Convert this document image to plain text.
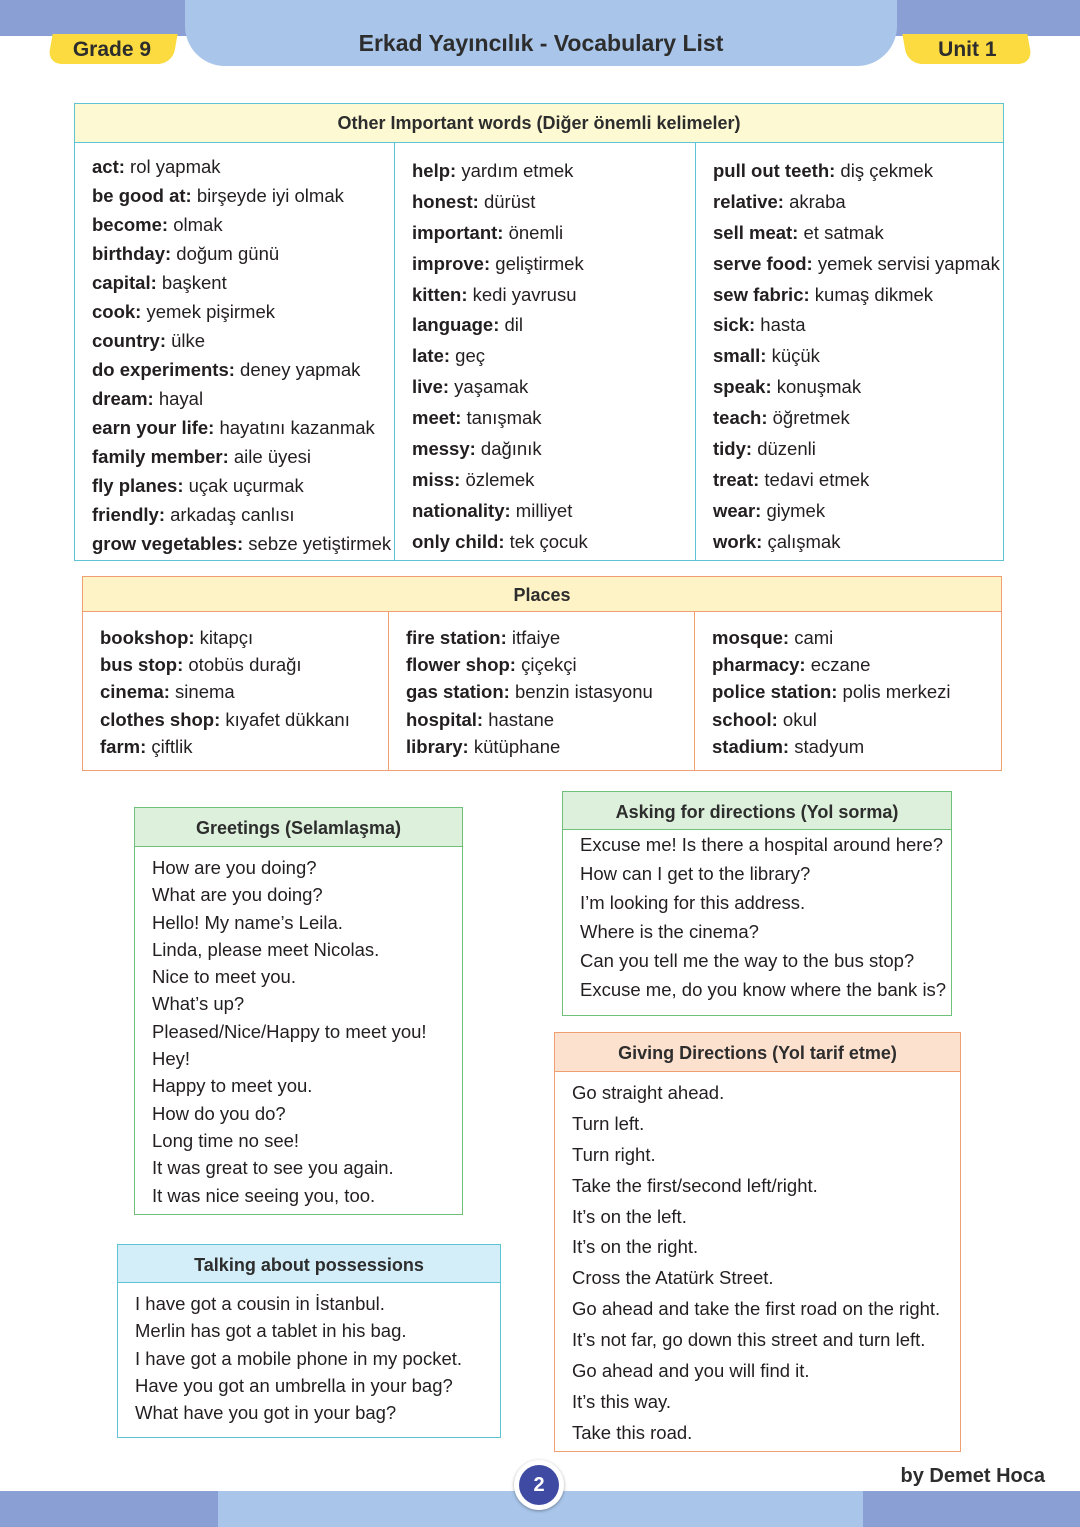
Erkad Yayıncılık - Vocabulary List
Grade 9	Unit 1
Other Important words (Diğer önemli kelimeler)
act: rol yapmak
be good at: birşeyde iyi olmak
become: olmak
birthday: doğum günü
capital: başkent
cook: yemek pişirmek
country: ülke
do experiments: deney yapmak
dream: hayal
earn your life: hayatını kazanmak
family member: aile üyesi
fly planes: uçak uçurmak
friendly: arkadaş canlısı
grow vegetables: sebze yetiştirmek
help: yardım etmek
honest: dürüst
important: önemli
improve: geliştirmek
kitten: kedi yavrusu
language: dil
late: geç
live: yaşamak
meet: tanışmak
messy: dağınık
miss: özlemek
nationality: milliyet
only child: tek çocuk
pull out teeth: diş çekmek
relative: akraba
sell meat: et satmak
serve food: yemek servisi yapmak
sew fabric: kumaş dikmek
sick: hasta
small: küçük
speak: konuşmak
teach: öğretmek
tidy: düzenli
treat: tedavi etmek
wear: giymek
work: çalışmak
Places
bookshop: kitapçı
bus stop: otobüs durağı
cinema: sinema
clothes shop: kıyafet dükkanı
farm: çiftlik
fire station: itfaiye
flower shop: çiçekçi
gas station: benzin istasyonu
hospital: hastane
library: kütüphane
mosque: cami
pharmacy: eczane
police station: polis merkezi
school: okul
stadium: stadyum
Greetings (Selamlaşma)
How are you doing?
What are you doing?
Hello! My name’s Leila.
Linda, please meet Nicolas.
Nice to meet you.
What’s up?
Pleased/Nice/Happy to meet you!
Hey!
Happy to meet you.
How do you do?
Long time no see!
It was great to see you again.
It was nice seeing you, too.
Asking for directions (Yol sorma)
Excuse me! Is there a hospital around here?
How can I get to the library?
I’m looking for this address.
Where is the cinema?
Can you tell me the way to the bus stop?
Excuse me, do you know where the bank is?
Giving Directions (Yol tarif etme)
Go straight ahead.
Turn left.
Turn right.
Take the first/second left/right.
It’s on the left.
It’s on the right.
Cross the Atatürk Street.
Go ahead and take the first road on the right.
It’s not far, go down this street and turn left.
Go ahead and you will find it.
It’s this way.
Take this road.
Talking about possessions
I have got a cousin in İstanbul.
Merlin has got a tablet in his bag.
I have got a mobile phone in my pocket.
Have you got an umbrella in your bag?
What have you got in your bag?
2	by Demet Hoca
